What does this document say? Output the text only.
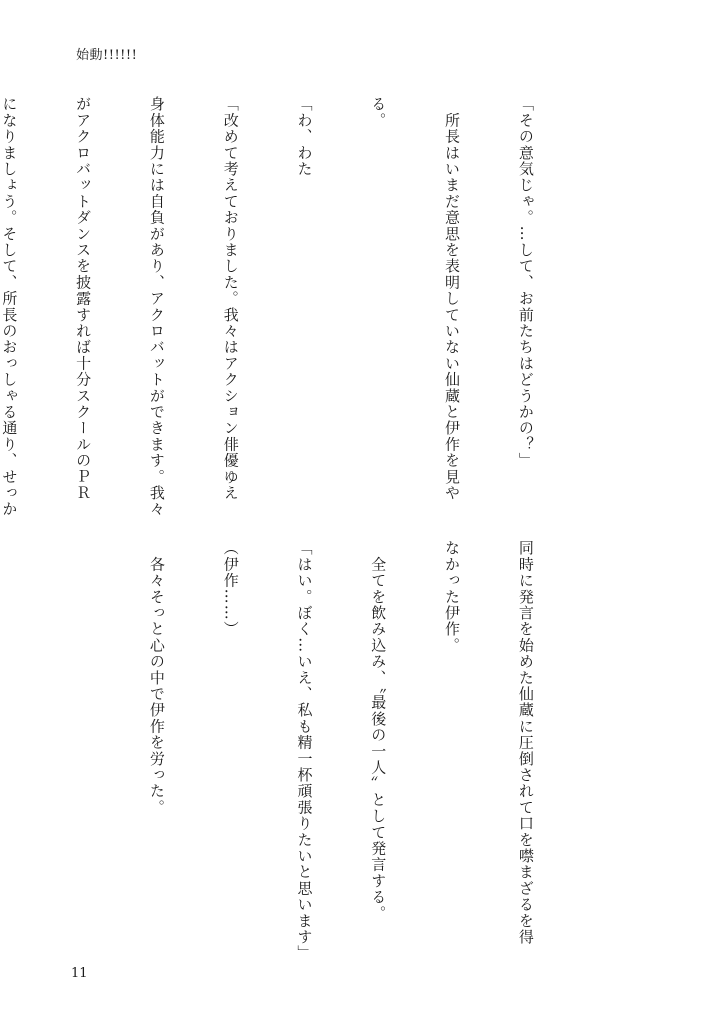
始動!!!!!!

「その意気じゃ。…して、お前たちはどうかの？」

　所長はいまだ意思を表明していない仙蔵と伊作を見や

る。

「わ、わた

「改めて考えておりました。我々はアクション俳優ゆえ

身体能力には自負があり、アクロバットができます。我々

がアクロバットダンスを披露すれば十分スクールのＰＲ

になりましょう。そして、所長のおっしゃる通り、せっか

同時に発言を始めた仙蔵に圧倒されて口を噤まざるを得

なかった伊作。

　全てを飲み込み、〝最後の一人〟として発言する。

「はい。ぼく…いえ、私も精一杯頑張りたいと思います」

（伊作……）

　各々そっと心の中で伊作を労った。

11
